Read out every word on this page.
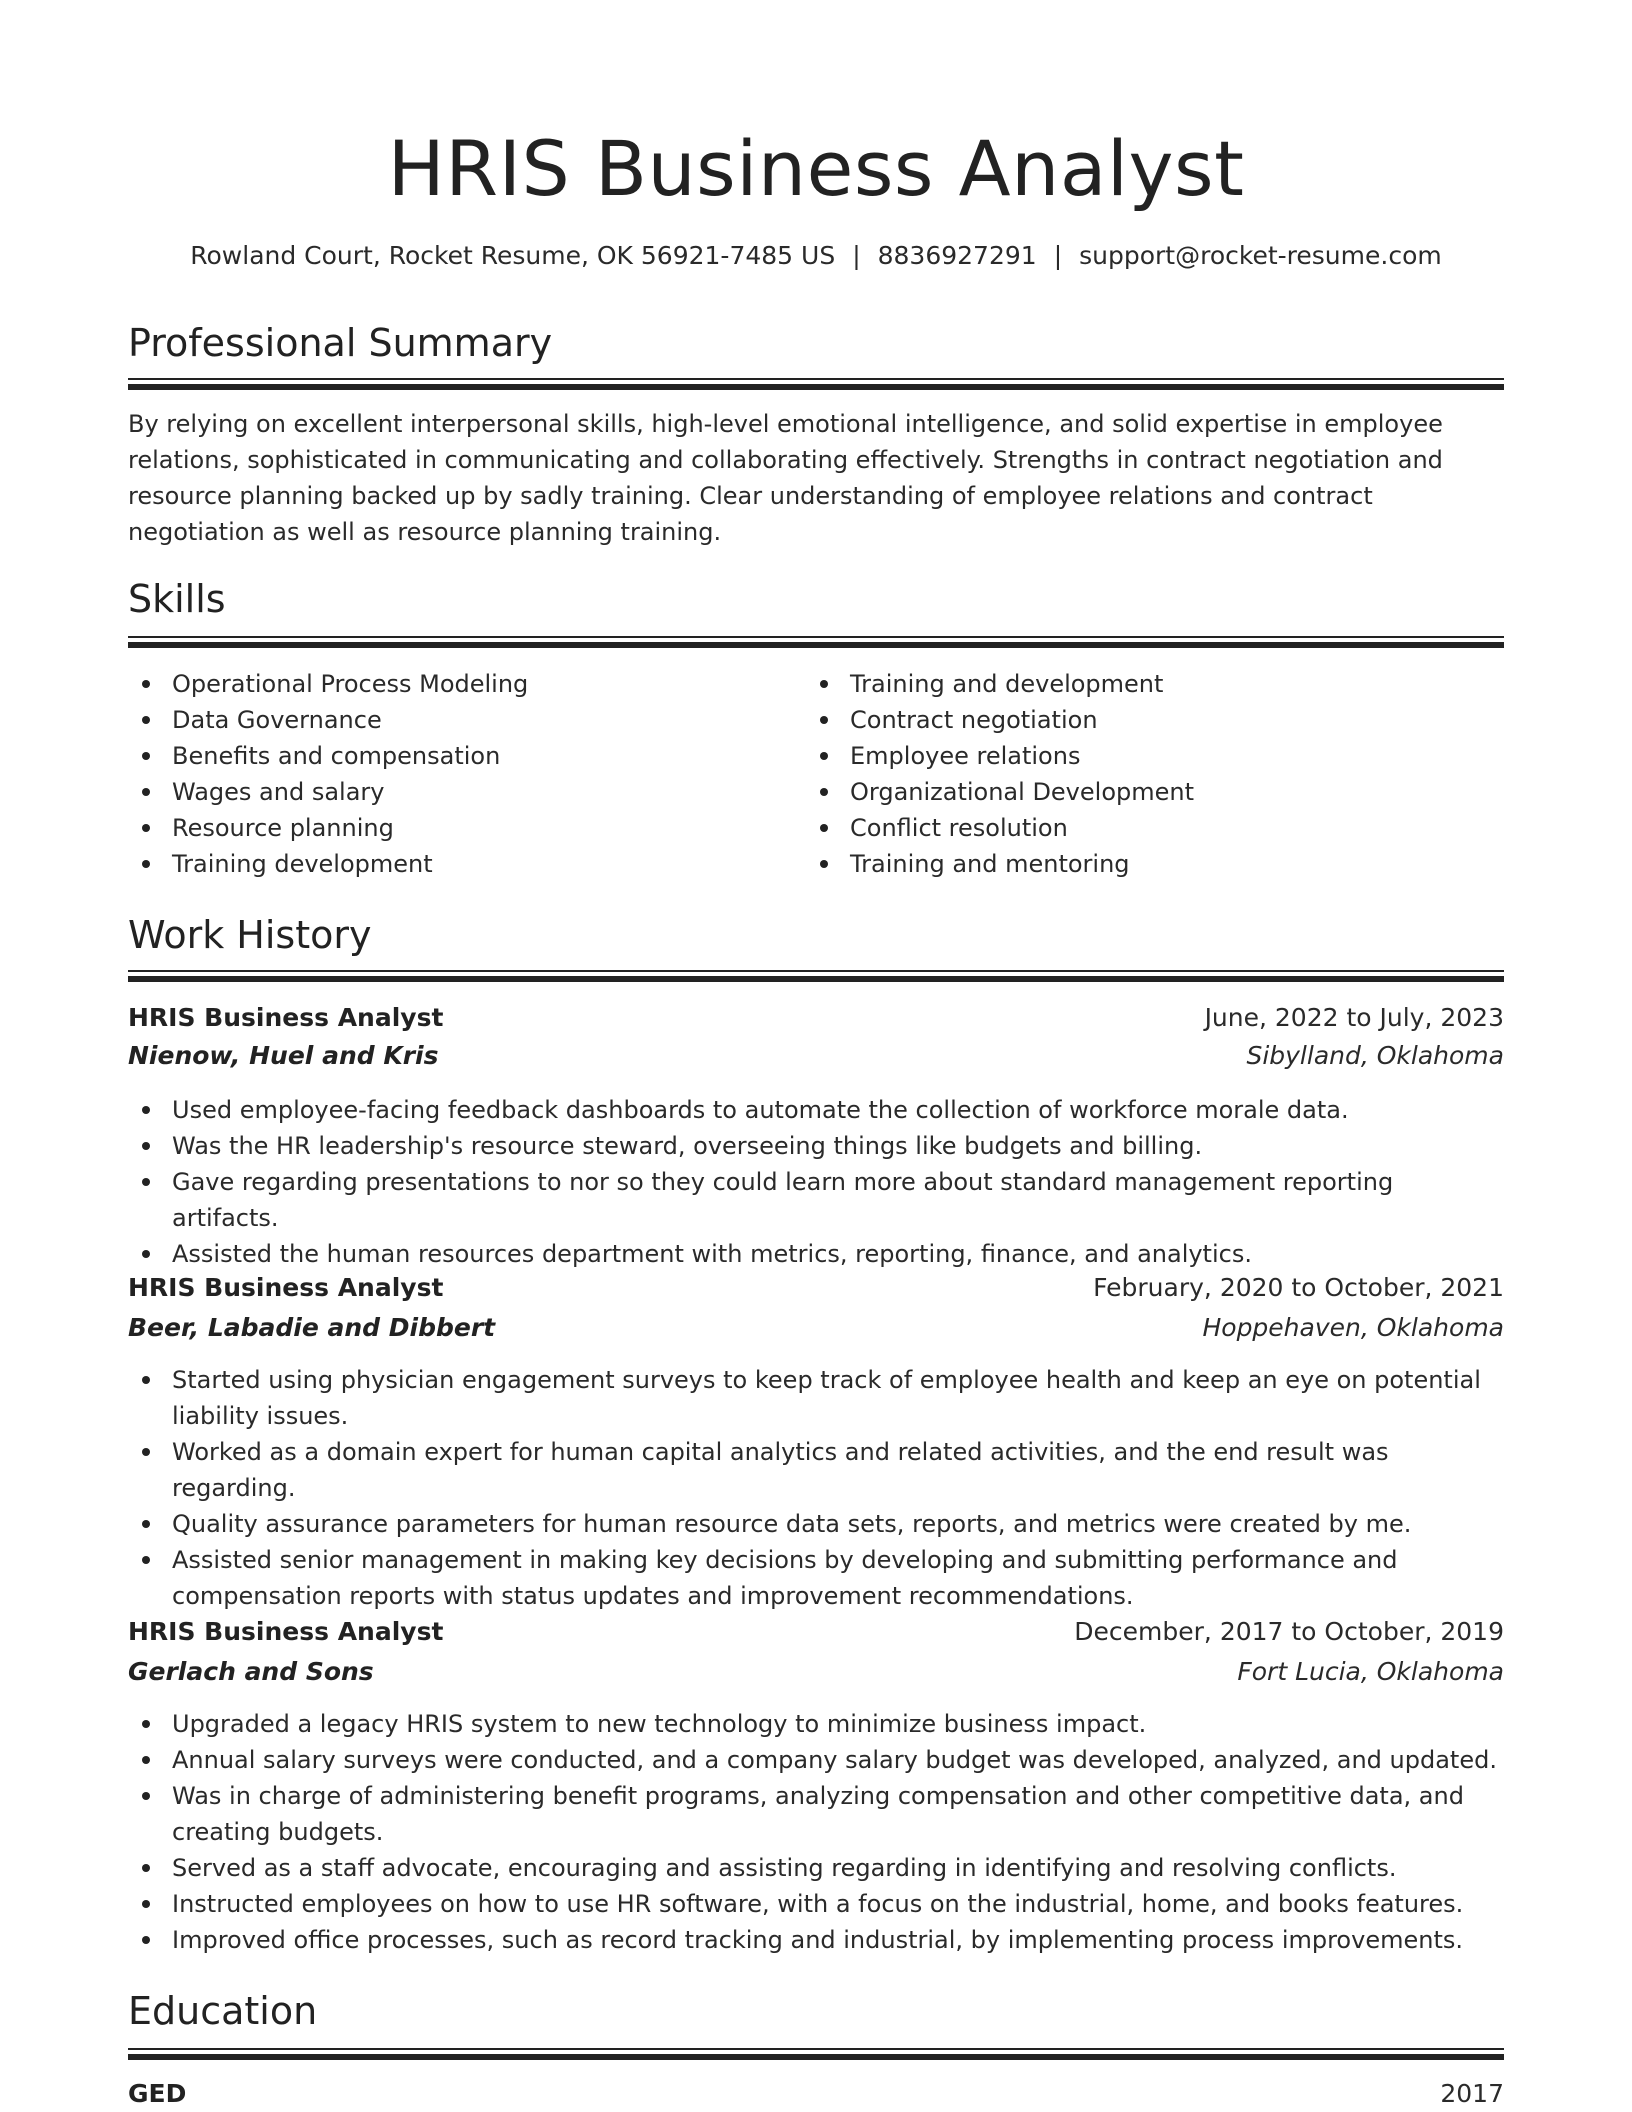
HRIS Business Analyst
Rowland Court, Rocket Resume, OK 56921-7485 US | 8836927291 | support@rocket-resume.com
Professional Summary

By relying on excellent interpersonal skills, high-level emotional intelligence, and solid expertise in employee relations, sophisticated in communicating and collaborating effectively. Strengths in contract negotiation and resource planning backed up by sadly training. Clear understanding of employee relations and contract negotiation as well as resource planning training.

Skills
Operational Process Modeling
Data Governance
Benefits and compensation
Wages and salary
Resource planning
Training development
Training and development
Contract negotiation
Employee relations
Organizational Development
Conflict resolution
Training and mentoring
Work History
HRIS Business Analyst	June, 2022 to July, 2023
Nienow, Huel and Kris	Sibylland, Oklahoma
Used employee-facing feedback dashboards to automate the collection of workforce morale data.
Was the HR leadership's resource steward, overseeing things like budgets and billing.
Gave regarding presentations to nor so they could learn more about standard management reporting artifacts.
Assisted the human resources department with metrics, reporting, finance, and analytics.
HRIS Business Analyst	February, 2020 to October, 2021
Beer, Labadie and Dibbert	Hoppehaven, Oklahoma
Started using physician engagement surveys to keep track of employee health and keep an eye on potential liability issues.
Worked as a domain expert for human capital analytics and related activities, and the end result was regarding.
Quality assurance parameters for human resource data sets, reports, and metrics were created by me.
Assisted senior management in making key decisions by developing and submitting performance and compensation reports with status updates and improvement recommendations.
HRIS Business Analyst	December, 2017 to October, 2019
Gerlach and Sons	Fort Lucia, Oklahoma
Upgraded a legacy HRIS system to new technology to minimize business impact.
Annual salary surveys were conducted, and a company salary budget was developed, analyzed, and updated.
Was in charge of administering benefit programs, analyzing compensation and other competitive data, and creating budgets.
Served as a staff advocate, encouraging and assisting regarding in identifying and resolving conflicts.
Instructed employees on how to use HR software, with a focus on the industrial, home, and books features.
Improved office processes, such as record tracking and industrial, by implementing process improvements.
Education
GED	2017
